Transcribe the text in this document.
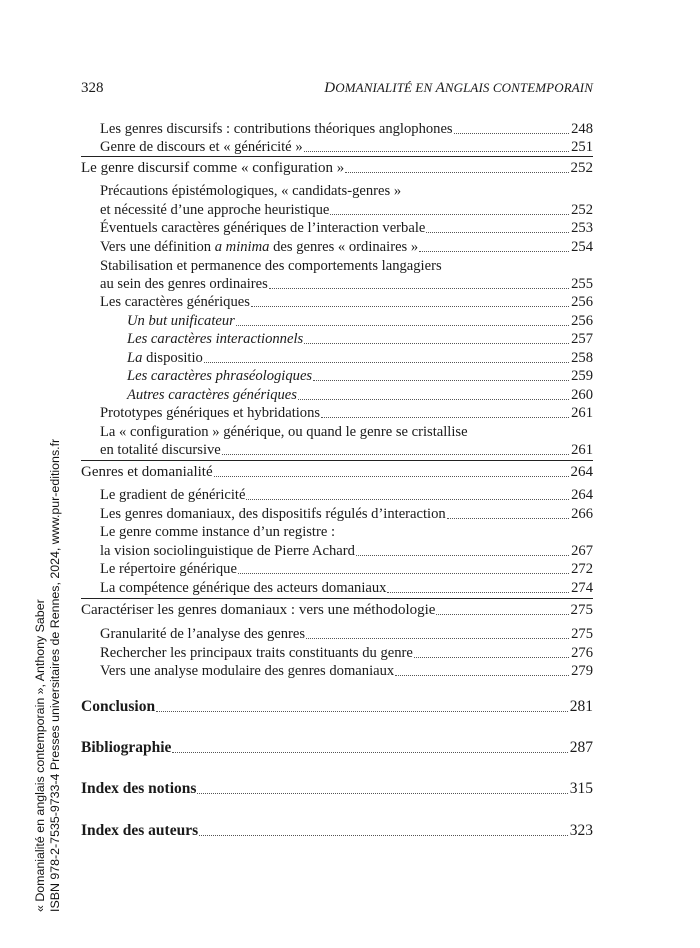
328	DOMANIALITÉ EN ANGLAIS CONTEMPORAIN
Les genres discursifs : contributions théoriques anglophones	248
Genre de discours et « généricité »	251
Le genre discursif comme « configuration »	252
Précautions épistémologiques, « candidats-genres »
et nécessité d’une approche heuristique	252
Éventuels caractères génériques de l’interaction verbale	253
Vers une définition a minima des genres « ordinaires »	254
Stabilisation et permanence des comportements langagiers
au sein des genres ordinaires	255
Les caractères génériques	256
Un but unificateur	256
Les caractères interactionnels	257
La dispositio	258
Les caractères phraséologiques	259
Autres caractères génériques	260
Prototypes génériques et hybridations	261
La « configuration » générique, ou quand le genre se cristallise
en totalité discursive	261
Genres et domanialité	264
Le gradient de généricité	264
Les genres domaniaux, des dispositifs régulés d’interaction	266
Le genre comme instance d’un registre :
la vision sociolinguistique de Pierre Achard	267
Le répertoire générique	272
La compétence générique des acteurs domaniaux	274
Caractériser les genres domaniaux : vers une méthodologie	275
Granularité de l’analyse des genres	275
Rechercher les principaux traits constituants du genre	276
Vers une analyse modulaire des genres domaniaux	279
Conclusion	281
Bibliographie	287
Index des notions	315
Index des auteurs	323
« Domanialité en anglais contemporain », Anthony Saber ISBN 978-2-7535-9733-4 Presses universitaires de Rennes, 2024, www.pur-editions.fr
